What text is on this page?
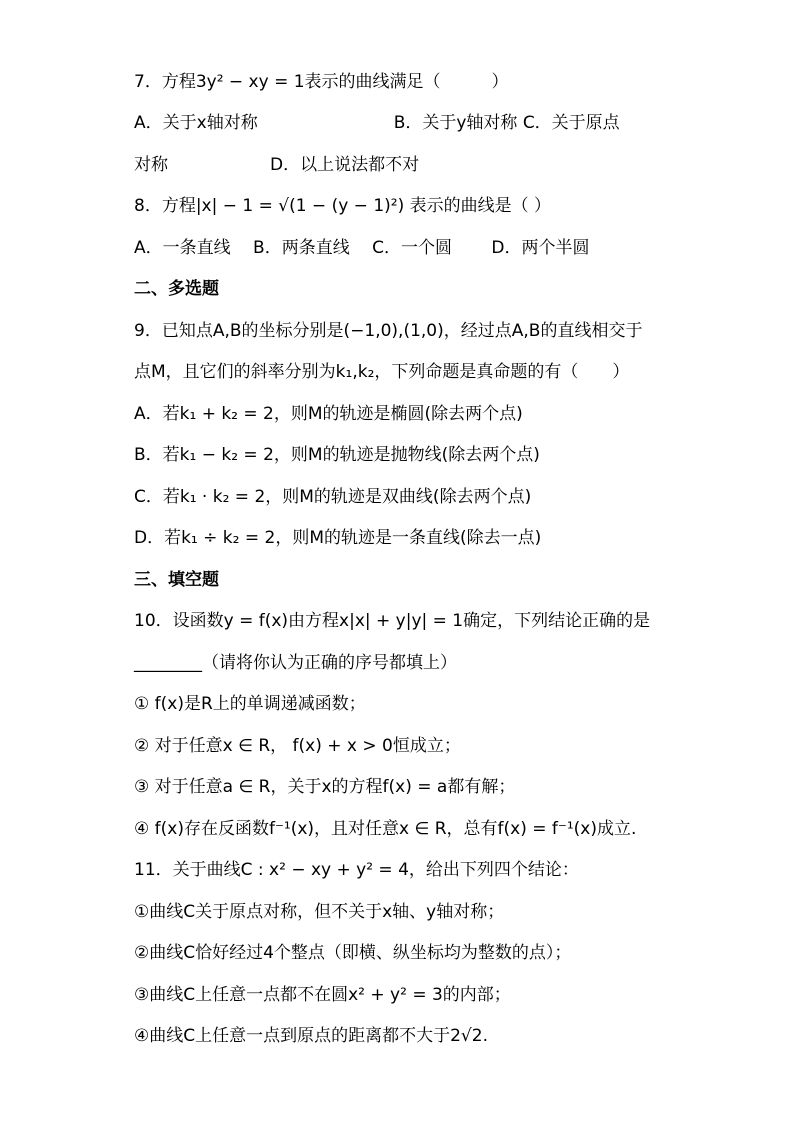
7．方程3y² − xy = 1表示的曲线满足（　　　）
A．关于x轴对称　　　　　　　　B．关于y轴对称 C．关于原点
对称　　　　　　D．以上说法都不对
8．方程|x| − 1 = √(1 − (y − 1)²) 表示的曲线是（ ）
A．一条直线　 B．两条直线　 C．一个圆　　 D．两个半圆
二、多选题
9．已知点A,B的坐标分别是(−1,0),(1,0)，经过点A,B的直线相交于
点M，且它们的斜率分别为k₁,k₂，下列命题是真命题的有（　　）
A．若k₁ + k₂ = 2，则M的轨迹是椭圆(除去两个点)
B．若k₁ − k₂ = 2，则M的轨迹是抛物线(除去两个点)
C．若k₁ · k₂ = 2，则M的轨迹是双曲线(除去两个点)
D．若k₁ ÷ k₂ = 2，则M的轨迹是一条直线(除去一点)
三、填空题
10．设函数y = f(x)由方程x|x| + y|y| = 1确定，下列结论正确的是
________（请将你认为正确的序号都填上）
① f(x)是R上的单调递减函数；
② 对于任意x ∈ R， f(x) + x > 0恒成立；
③ 对于任意a ∈ R，关于x的方程f(x) = a都有解；
④ f(x)存在反函数f⁻¹(x)，且对任意x ∈ R，总有f(x) = f⁻¹(x)成立.
11．关于曲线C : x² − xy + y² = 4，给出下列四个结论：
①曲线C关于原点对称，但不关于x轴、y轴对称；
②曲线C恰好经过4个整点（即横、纵坐标均为整数的点）；
③曲线C上任意一点都不在圆x² + y² = 3的内部；
④曲线C上任意一点到原点的距离都不大于2√2.
